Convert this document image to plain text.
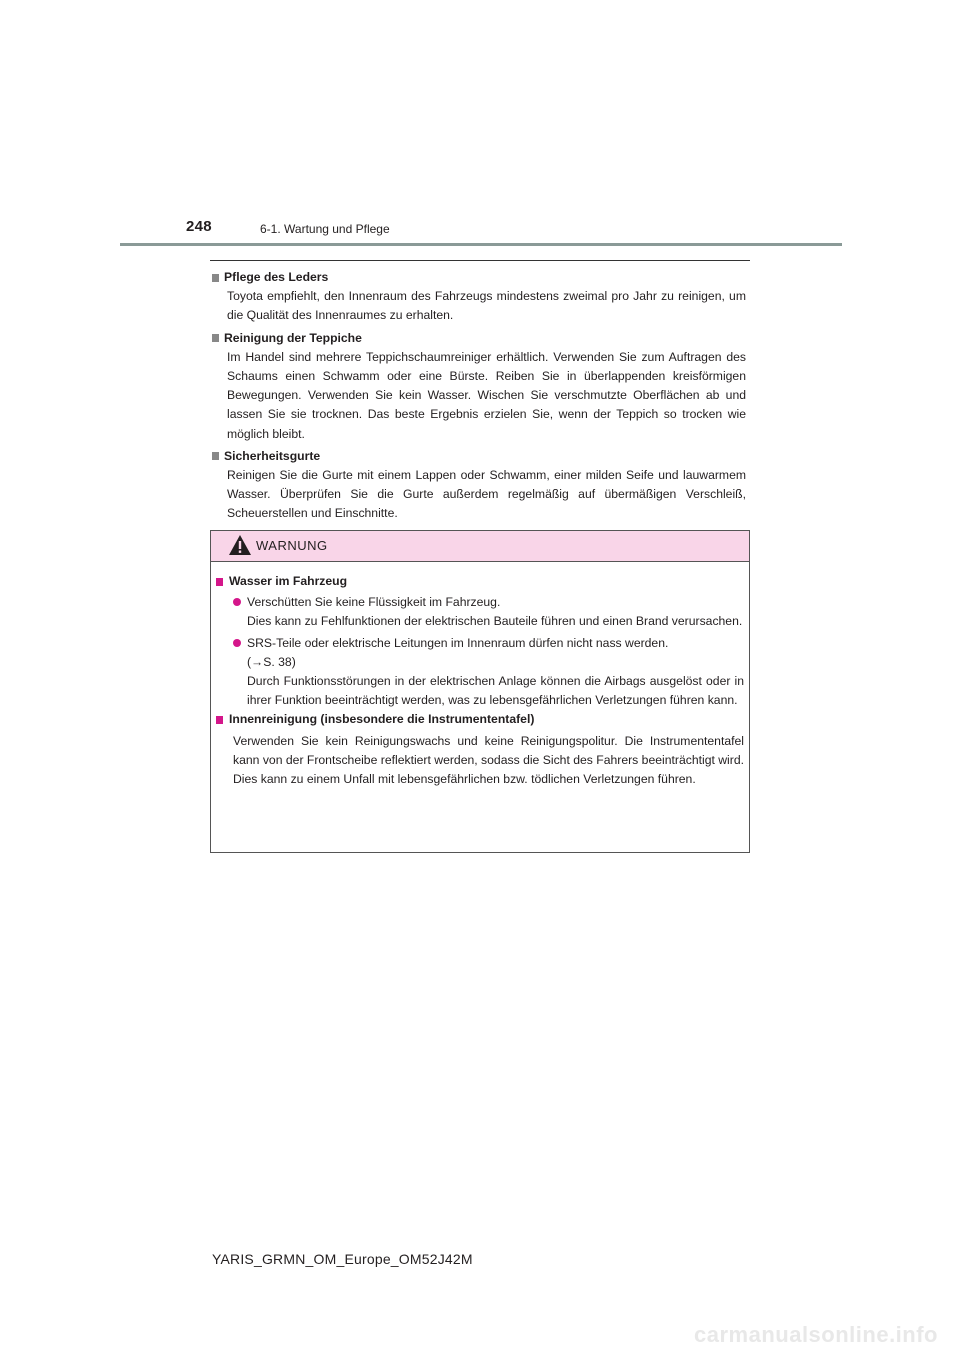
248	6-1. Wartung und Pflege
Pflege des Leders
Toyota empfiehlt, den Innenraum des Fahrzeugs mindestens zweimal pro Jahr zu reinigen, um die Qualität des Innenraumes zu erhalten.
Reinigung der Teppiche
Im Handel sind mehrere Teppichschaumreiniger erhältlich. Verwenden Sie zum Auftragen des Schaums einen Schwamm oder eine Bürste. Reiben Sie in überlappenden kreisförmigen Bewegungen. Verwenden Sie kein Wasser. Wischen Sie verschmutzte Oberflächen ab und lassen Sie sie trocknen. Das beste Ergebnis erzielen Sie, wenn der Teppich so trocken wie möglich bleibt.
Sicherheitsgurte
Reinigen Sie die Gurte mit einem Lappen oder Schwamm, einer milden Seife und lauwarmem Wasser. Überprüfen Sie die Gurte außerdem regelmäßig auf übermäßigen Verschleiß, Scheuerstellen und Einschnitte.
WARNUNG
Wasser im Fahrzeug
Verschütten Sie keine Flüssigkeit im Fahrzeug.
Dies kann zu Fehlfunktionen der elektrischen Bauteile führen und einen Brand verursachen.
SRS-Teile oder elektrische Leitungen im Innenraum dürfen nicht nass werden.
(→S. 38)
Durch Funktionsstörungen in der elektrischen Anlage können die Airbags ausgelöst oder in ihrer Funktion beeinträchtigt werden, was zu lebensgefährlichen Verletzungen führen kann.
Innenreinigung (insbesondere die Instrumententafel)
Verwenden Sie kein Reinigungswachs und keine Reinigungspolitur. Die Instrumententafel kann von der Frontscheibe reflektiert werden, sodass die Sicht des Fahrers beeinträchtigt wird. Dies kann zu einem Unfall mit lebensgefährlichen bzw. tödlichen Verletzungen führen.
YARIS_GRMN_OM_Europe_OM52J42M
carmanualsonline.info
